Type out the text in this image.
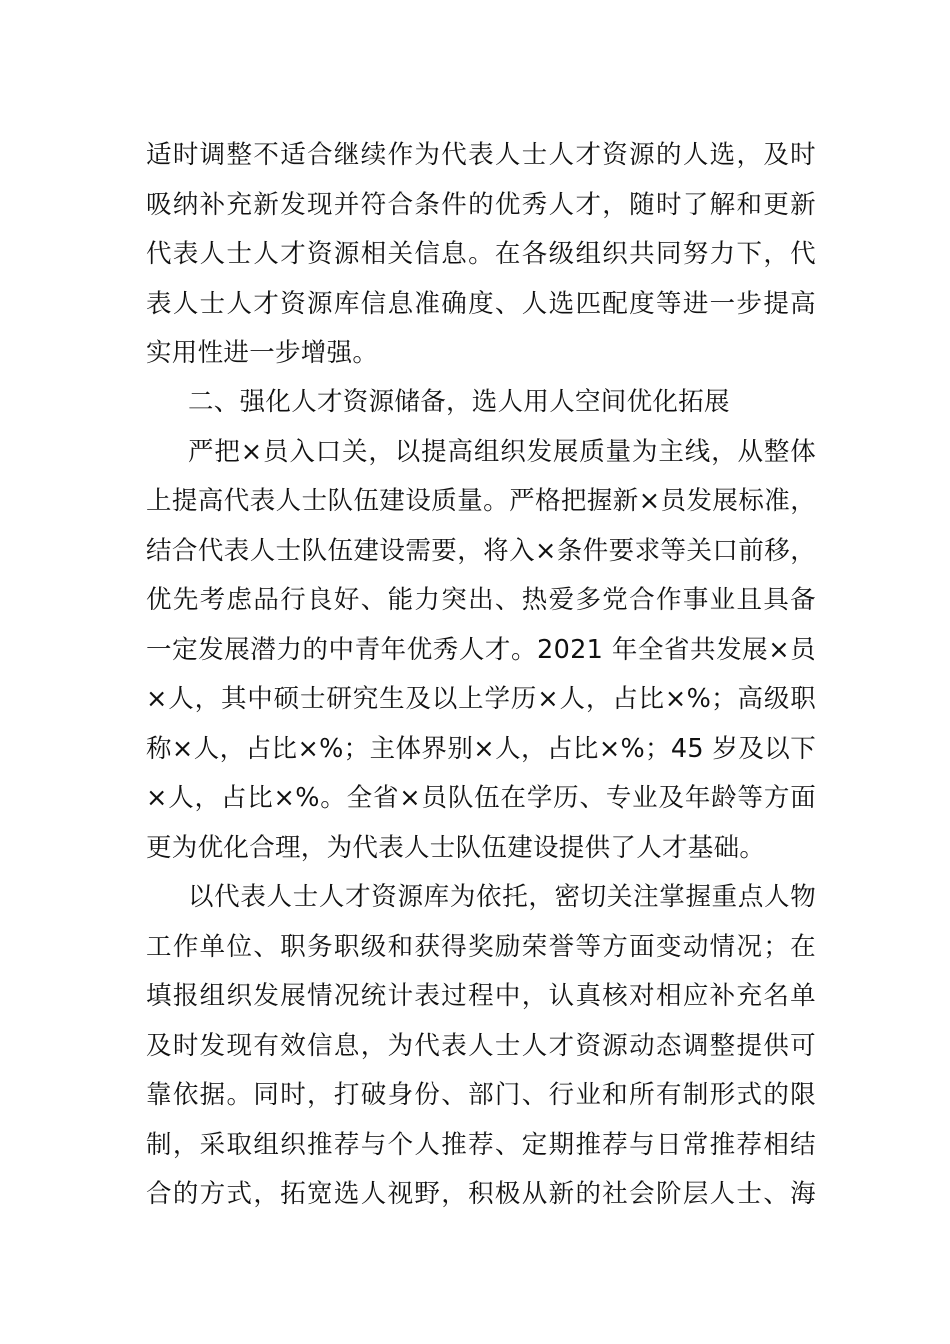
适时调整不适合继续作为代表人士人才资源的人选，及时
吸纳补充新发现并符合条件的优秀人才，随时了解和更新
代表人士人才资源相关信息。在各级组织共同努力下，代
表人士人才资源库信息准确度、人选匹配度等进一步提高
实用性进一步增强。
二、强化人才资源储备，选人用人空间优化拓展
严把×员入口关，以提高组织发展质量为主线，从整体
上提高代表人士队伍建设质量。严格把握新×员发展标准，
结合代表人士队伍建设需要，将入×条件要求等关口前移，
优先考虑品行良好、能力突出、热爱多党合作事业且具备
一定发展潜力的中青年优秀人才。2021 年全省共发展×员
×人，其中硕士研究生及以上学历×人，占比×%；高级职
称×人，占比×%；主体界别×人，占比×%；45 岁及以下
×人，占比×%。全省×员队伍在学历、专业及年龄等方面
更为优化合理，为代表人士队伍建设提供了人才基础。
以代表人士人才资源库为依托，密切关注掌握重点人物
工作单位、职务职级和获得奖励荣誉等方面变动情况；在
填报组织发展情况统计表过程中，认真核对相应补充名单
及时发现有效信息，为代表人士人才资源动态调整提供可
靠依据。同时，打破身份、部门、行业和所有制形式的限
制，采取组织推荐与个人推荐、定期推荐与日常推荐相结
合的方式，拓宽选人视野，积极从新的社会阶层人士、海
